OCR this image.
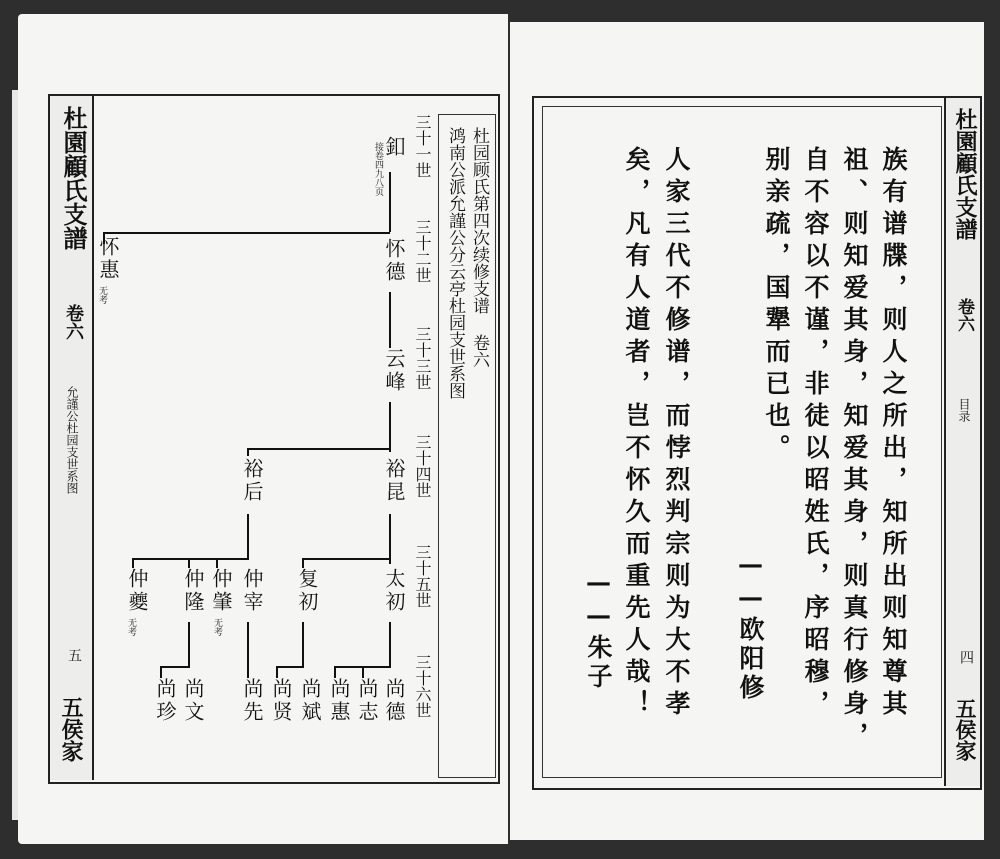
杜園顧氏支譜
卷六
允謹公杜园支世系图
五
五侯家
杜园顾氏第四次续修支谱 卷六
鸿南公派允謹公分云亭杜园支世系图
三十一世
三十二世
三十三世
三十四世
三十五世
三十六世
釦
接卷四九八页
怀德
怀惠
无考
云峰
裕昆
裕后
太初
复初
仲宰
仲肇
无考
仲隆
仲夔
无考
尚德
尚志
尚惠
尚斌
尚贤
尚先
尚文
尚珍
杜園顧氏支譜
卷六
目录
四
五侯家
族有谱牒，则人之所出，知所出则知尊其
祖、则知爱其身，知爱其身，则真行修身，
自不容以不谨，非徒以昭姓氏，序昭穆，
别亲疏，国犟而已也。
——欧阳修
人家三代不修谱，而悖烈判宗则为大不孝
矣，凡有人道者，岂不怀久而重先人哉！
——朱子
